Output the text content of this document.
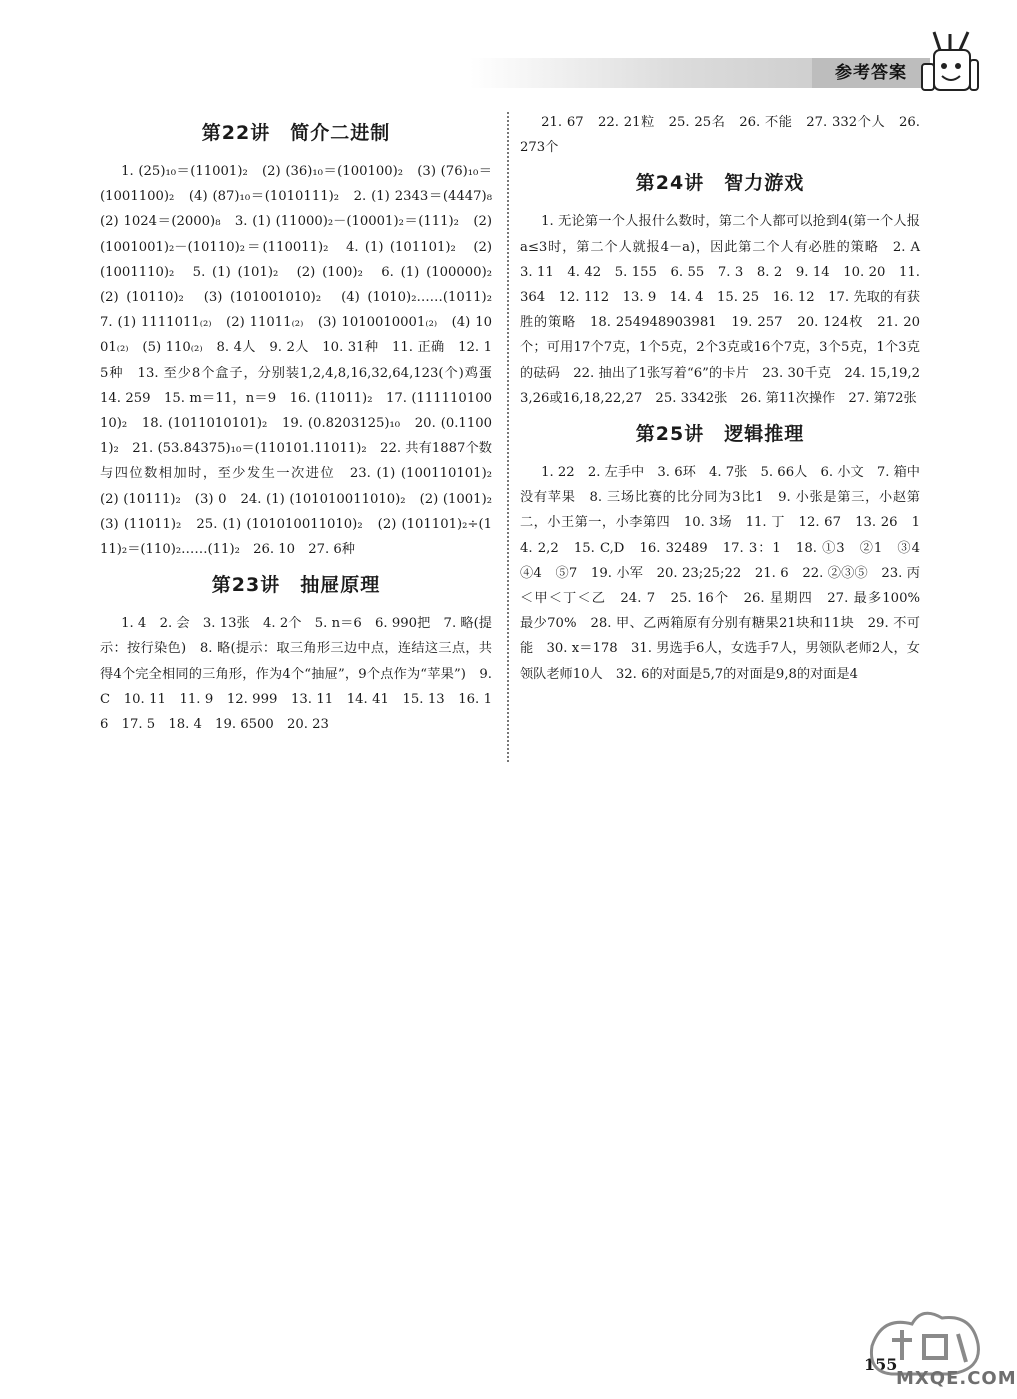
参考答案
第22讲　简介二进制

1. (25)₁₀＝(11001)₂　(2) (36)₁₀＝(100100)₂　(3) (76)₁₀＝(1001100)₂　(4) (87)₁₀＝(1010111)₂　2. (1) 2343＝(4447)₈　(2) 1024＝(2000)₈　3. (1) (11000)₂－(10001)₂＝(111)₂　(2) (1001001)₂－(10110)₂＝(110011)₂　4. (1) (101101)₂　(2) (1001110)₂　5. (1) (101)₂　(2) (100)₂　6. (1) (100000)₂　(2) (10110)₂　(3) (101001010)₂　(4) (1010)₂……(1011)₂　7. (1) 1111011₍₂₎　(2) 11011₍₂₎　(3) 1010010001₍₂₎　(4) 1001₍₂₎　(5) 110₍₂₎　8. 4人　9. 2人　10. 31种　11. 正确　12. 15种　13. 至少8个盒子，分别装1,2,4,8,16,32,64,123(个)鸡蛋　14. 259　15. m＝11，n＝9　16. (11011)₂　17. (11111010010)₂　18. (1011010101)₂　19. (0.8203125)₁₀　20. (0.11001)₂　21. (53.84375)₁₀＝(110101.11011)₂　22. 共有1887个数与四位数相加时，至少发生一次进位　23. (1) (100110101)₂　(2) (10111)₂　(3) 0　24. (1) (101010011010)₂　(2) (1001)₂　(3) (11011)₂　25. (1) (101010011010)₂　(2) (101101)₂÷(111)₂＝(110)₂……(11)₂　26. 10　27. 6种

第23讲　抽屉原理

1. 4　2. 会　3. 13张　4. 2个　5. n＝6　6. 990把　7. 略(提示：按行染色)　8. 略(提示：取三角形三边中点，连结这三点，共得4个完全相同的三角形，作为4个“抽屉”，9个点作为“苹果”)　9. C　10. 11　11. 9　12. 999　13. 11　14. 41　15. 13　16. 16　17. 5　18. 4　19. 6500　20. 23

21. 67　22. 21粒　25. 25名　26. 不能　27. 332个人　26. 273个

第24讲　智力游戏

1. 无论第一个人报什么数时，第二个人都可以抢到4(第一个人报a≤3时，第二个人就报4－a)，因此第二个人有必胜的策略　2. A　3. 11　4. 42　5. 155　6. 55　7. 3　8. 2　9. 14　10. 20　11. 364　12. 112　13. 9　14. 4　15. 25　16. 12　17. 先取的有获胜的策略　18. 254948903981　19. 257　20. 124枚　21. 20个；可用17个7克，1个5克，2个3克或16个7克，3个5克，1个3克的砝码　22. 抽出了1张写着“6”的卡片　23. 30千克　24. 15,19,23,26或16,18,22,27　25. 3342张　26. 第11次操作　27. 第72张

第25讲　逻辑推理

1. 22　2. 左手中　3. 6环　4. 7张　5. 66人　6. 小文　7. 箱中没有苹果　8. 三场比赛的比分同为3比1　9. 小张是第三，小赵第二，小王第一，小李第四　10. 3场　11. 丁　12. 67　13. 26　14. 2,2　15. C,D　16. 32489　17. 3：1　18. ①3　②1　③4　④4　⑤7　19. 小军　20. 23;25;22　21. 6　22. ②③⑤　23. 丙＜甲＜丁＜乙　24. 7　25. 16个　26. 星期四　27. 最多100%　最少70%　28. 甲、乙两箱原有分别有糖果21块和11块　29. 不可能　30. x＝178　31. 男选手6人，女选手7人，男领队老师2人，女领队老师10人　32. 6的对面是5,7的对面是9,8的对面是4

155
MXQE.COM
